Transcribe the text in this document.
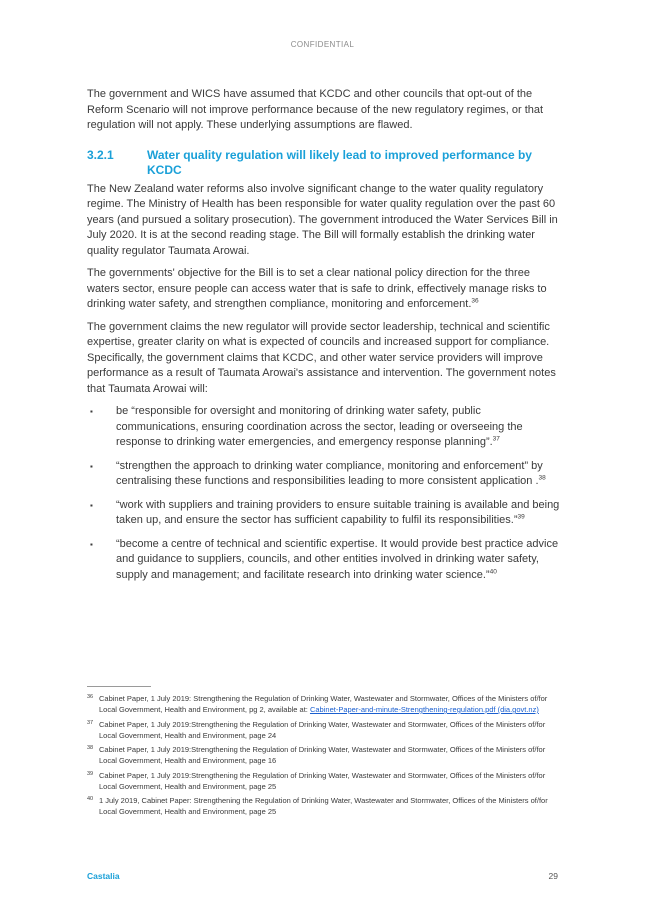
CONFIDENTIAL

The government and WICS have assumed that KCDC and other councils that opt-out of the Reform Scenario will not improve performance because of the new regulatory regimes, or that regulation will not apply. These underlying assumptions are flawed.

3.2.1	Water quality regulation will likely lead to improved performance by KCDC

The New Zealand water reforms also involve significant change to the water quality regulatory regime. The Ministry of Health has been responsible for water quality regulation over the past 60 years (and pursued a solitary prosecution). The government introduced the Water Services Bill in July 2020. It is at the second reading stage. The Bill will formally establish the drinking water quality regulator Taumata Arowai.

The governments' objective for the Bill is to set a clear national policy direction for the three waters sector, ensure people can access water that is safe to drink, effectively manage risks to drinking water safety, and strengthen compliance, monitoring and enforcement.$^{36}$

The government claims the new regulator will provide sector leadership, technical and scientific expertise, greater clarity on what is expected of councils and increased support for compliance. Specifically, the government claims that KCDC, and other water service providers will improve performance as a result of Taumata Arowai's assistance and intervention. The government notes that Taumata Arowai will:

▪ be “responsible for oversight and monitoring of drinking water safety, public communications, ensuring coordination across the sector, leading or overseeing the response to drinking water emergencies, and emergency response planning”.$^{37}$
▪ “strengthen the approach to drinking water compliance, monitoring and enforcement” by centralising these functions and responsibilities leading to more consistent application .$^{38}$
▪ “work with suppliers and training providers to ensure suitable training is available and being taken up, and ensure the sector has sufficient capability to fulfil its responsibilities.”$^{39}$
▪ “become a centre of technical and scientific expertise. It would provide best practice advice and guidance to suppliers, councils, and other entities involved in drinking water safety, supply and management; and facilitate research into drinking water science.”$^{40}$
36 Cabinet Paper, 1 July 2019: Strengthening the Regulation of Drinking Water, Wastewater and Stormwater, Offices of the Ministers of/for Local Government, Health and Environment, pg 2, available at: Cabinet-Paper-and-minute-Strengthening-regulation.pdf (dia.govt.nz)
37 Cabinet Paper, 1 July 2019:Strengthening the Regulation of Drinking Water, Wastewater and Stormwater, Offices of the Ministers of/for Local Government, Health and Environment, page 24
38 Cabinet Paper, 1 July 2019:Strengthening the Regulation of Drinking Water, Wastewater and Stormwater, Offices of the Ministers of/for Local Government, Health and Environment, page 16
39 Cabinet Paper, 1 July 2019:Strengthening the Regulation of Drinking Water, Wastewater and Stormwater, Offices of the Ministers of/for Local Government, Health and Environment, page 25
40 1 July 2019, Cabinet Paper: Strengthening the Regulation of Drinking Water, Wastewater and Stormwater, Offices of the Ministers of/for Local Government, Health and Environment, page 25
Castalia	29
